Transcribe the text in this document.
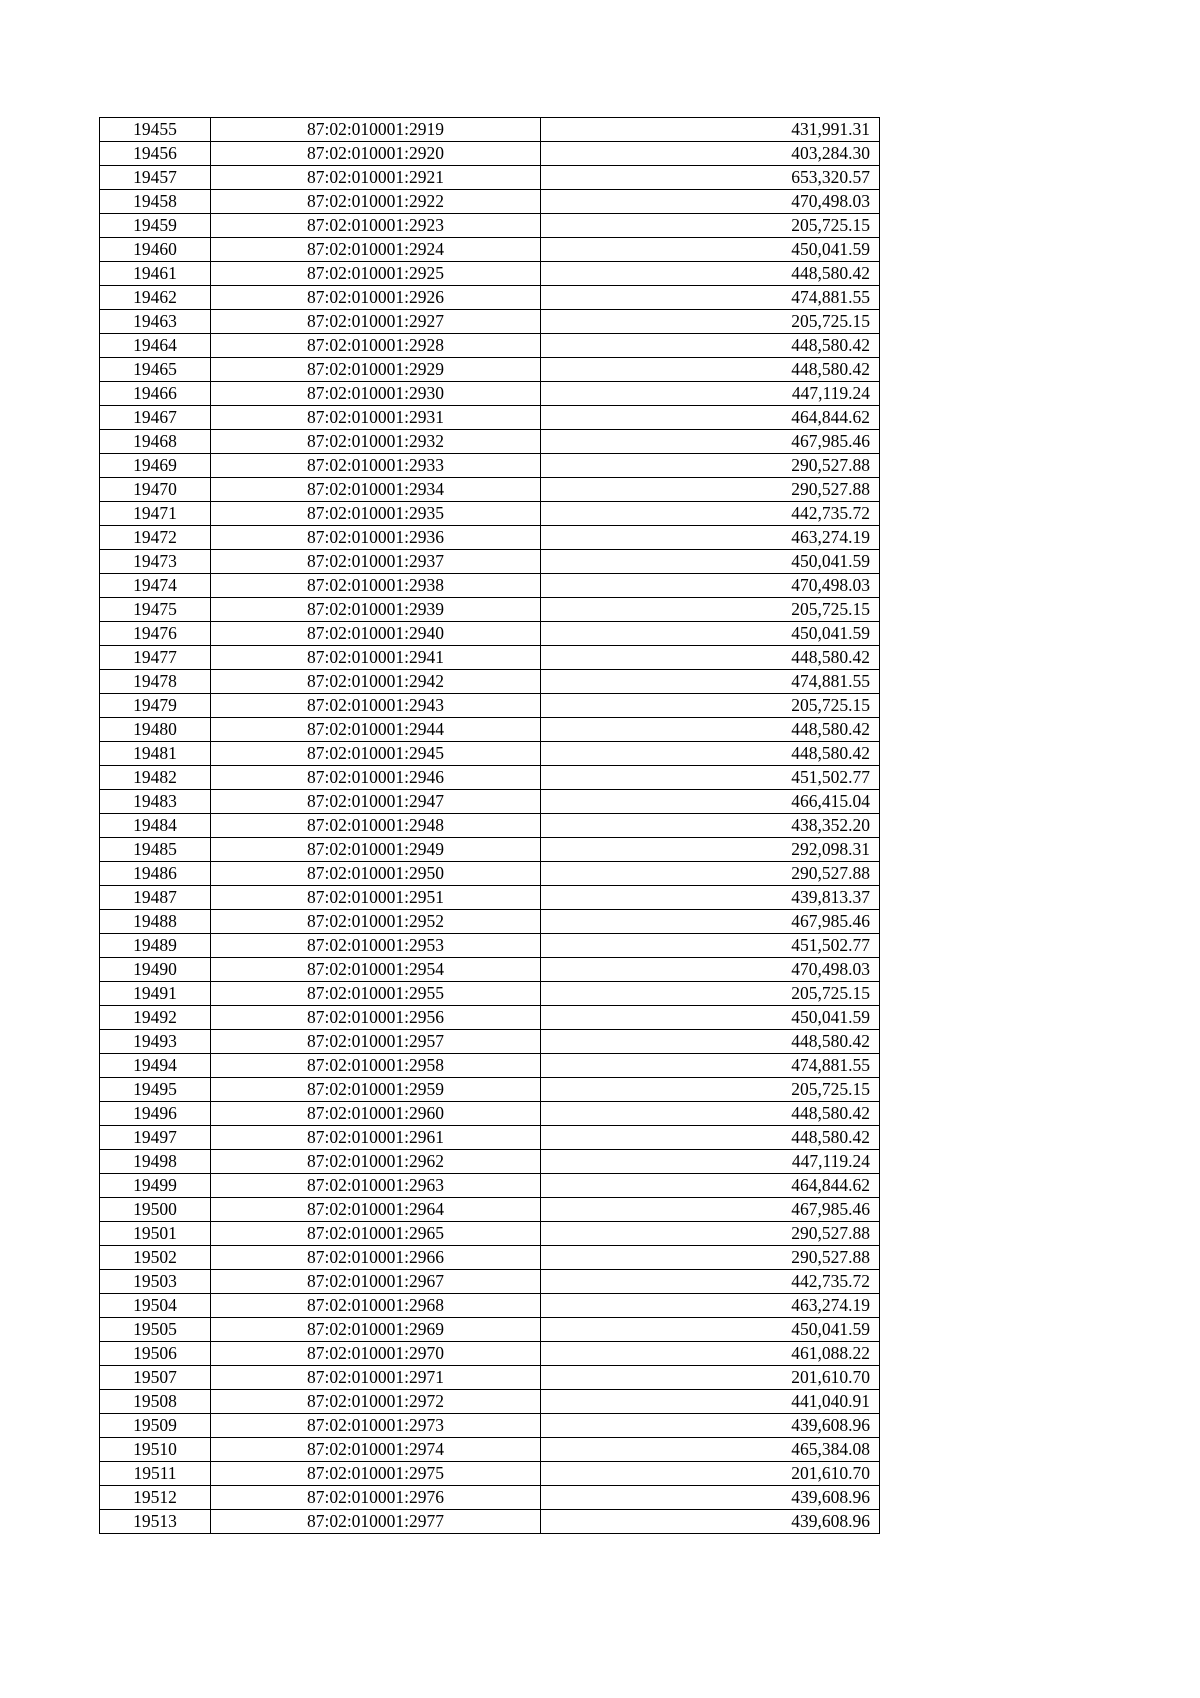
19455	87:02:010001:2919	431,991.31
19456	87:02:010001:2920	403,284.30
19457	87:02:010001:2921	653,320.57
19458	87:02:010001:2922	470,498.03
19459	87:02:010001:2923	205,725.15
19460	87:02:010001:2924	450,041.59
19461	87:02:010001:2925	448,580.42
19462	87:02:010001:2926	474,881.55
19463	87:02:010001:2927	205,725.15
19464	87:02:010001:2928	448,580.42
19465	87:02:010001:2929	448,580.42
19466	87:02:010001:2930	447,119.24
19467	87:02:010001:2931	464,844.62
19468	87:02:010001:2932	467,985.46
19469	87:02:010001:2933	290,527.88
19470	87:02:010001:2934	290,527.88
19471	87:02:010001:2935	442,735.72
19472	87:02:010001:2936	463,274.19
19473	87:02:010001:2937	450,041.59
19474	87:02:010001:2938	470,498.03
19475	87:02:010001:2939	205,725.15
19476	87:02:010001:2940	450,041.59
19477	87:02:010001:2941	448,580.42
19478	87:02:010001:2942	474,881.55
19479	87:02:010001:2943	205,725.15
19480	87:02:010001:2944	448,580.42
19481	87:02:010001:2945	448,580.42
19482	87:02:010001:2946	451,502.77
19483	87:02:010001:2947	466,415.04
19484	87:02:010001:2948	438,352.20
19485	87:02:010001:2949	292,098.31
19486	87:02:010001:2950	290,527.88
19487	87:02:010001:2951	439,813.37
19488	87:02:010001:2952	467,985.46
19489	87:02:010001:2953	451,502.77
19490	87:02:010001:2954	470,498.03
19491	87:02:010001:2955	205,725.15
19492	87:02:010001:2956	450,041.59
19493	87:02:010001:2957	448,580.42
19494	87:02:010001:2958	474,881.55
19495	87:02:010001:2959	205,725.15
19496	87:02:010001:2960	448,580.42
19497	87:02:010001:2961	448,580.42
19498	87:02:010001:2962	447,119.24
19499	87:02:010001:2963	464,844.62
19500	87:02:010001:2964	467,985.46
19501	87:02:010001:2965	290,527.88
19502	87:02:010001:2966	290,527.88
19503	87:02:010001:2967	442,735.72
19504	87:02:010001:2968	463,274.19
19505	87:02:010001:2969	450,041.59
19506	87:02:010001:2970	461,088.22
19507	87:02:010001:2971	201,610.70
19508	87:02:010001:2972	441,040.91
19509	87:02:010001:2973	439,608.96
19510	87:02:010001:2974	465,384.08
19511	87:02:010001:2975	201,610.70
19512	87:02:010001:2976	439,608.96
19513	87:02:010001:2977	439,608.96
